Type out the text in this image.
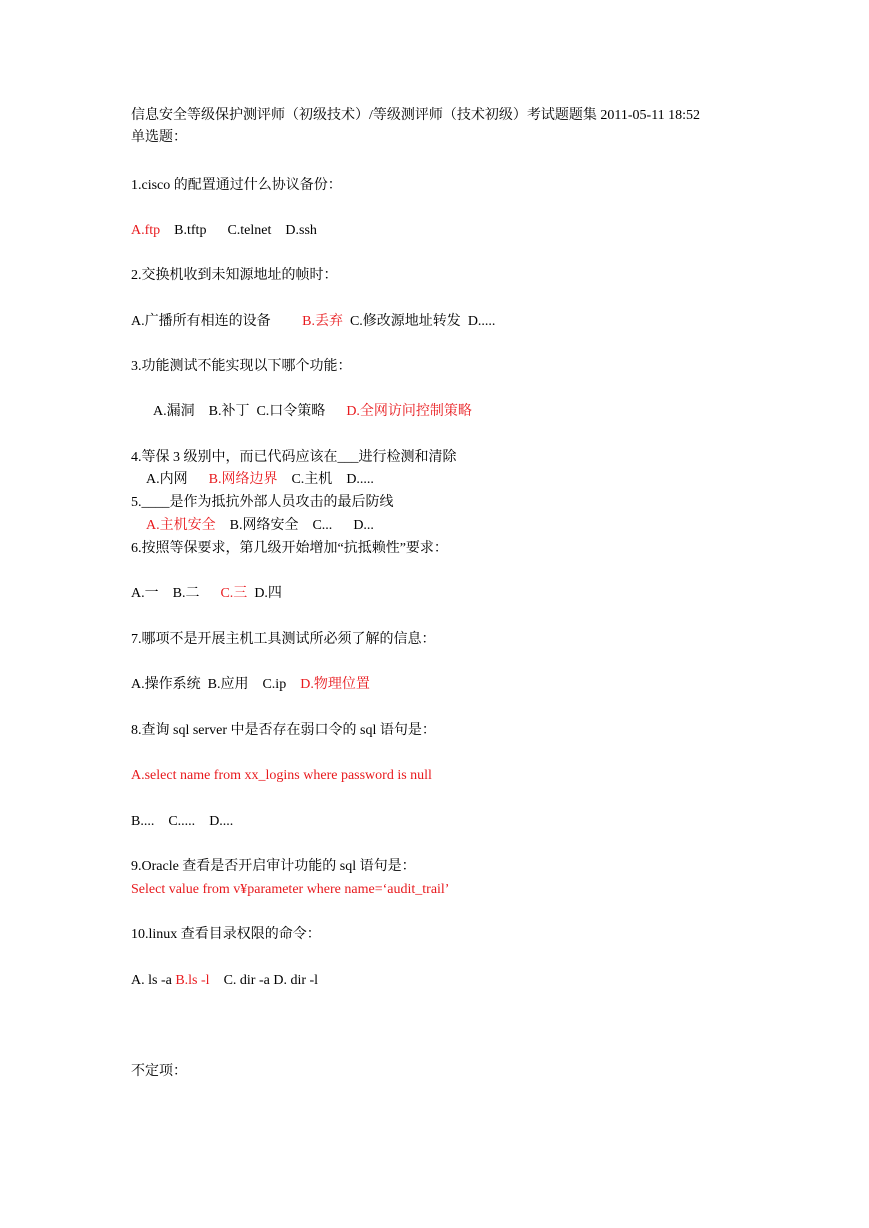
信息安全等级保护测评师（初级技术）/等级测评师（技术初级）考试题题集 2011-05-11 18:52
单选题：
1.cisco 的配置通过什么协议备份：
A.ftp B.tftp C.telnet D.ssh
2.交换机收到未知源地址的帧时：
A.广播所有相连的设备 B.丢弃 C.修改源地址转发 D.....
3.功能测试不能实现以下哪个功能：
A.漏洞 B.补丁 C.口令策略 D.全网访问控制策略
4.等保 3 级别中，而已代码应该在___进行检测和清除
A.内网 B.网络边界 C.主机 D.....
5.____是作为抵抗外部人员攻击的最后防线
A.主机安全 B.网络安全 C... D...
6.按照等保要求，第几级开始增加“抗抵赖性”要求：
A.一 B.二 C.三 D.四
7.哪项不是开展主机工具测试所必须了解的信息：
A.操作系统 B.应用 C.ip D.物理位置
8.查询 sql server 中是否存在弱口令的 sql 语句是：
A.select name from xx_logins where password is null
B.... C..... D....
9.Oracle 查看是否开启审计功能的 sql 语句是：
Select value from v¥parameter where name=‘audit_trail’
10.linux 查看目录权限的命令：
A. ls -a B.ls -l C. dir -a D. dir -l
不定项：
